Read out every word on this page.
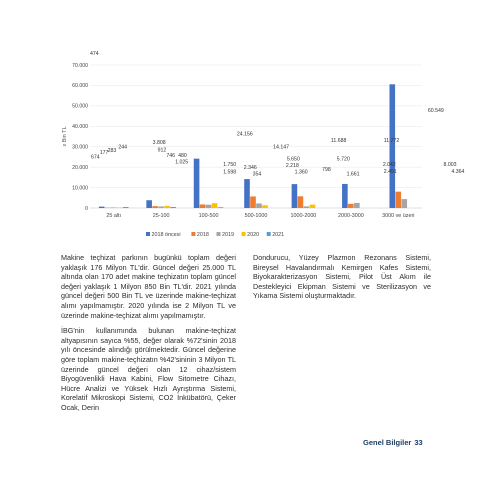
x Bin TL
0
10.000
20.000
30.000
40.000
50.000
60.000
70.000
25 altı	25-100	100-500	500-1000	1000-2000	2000-3000	3000 ve üzeri
674
3.808
24.156
14.147
11.688	11.772
60.549
177	912
1.750
5.650	5.720
2.042	8.003
283
746
1.598
2.218
798	2.491	4.364
244
1.025
2.346
1.360	1.661
474
480
354
2018 öncesi	2018 2019 2020 2021

Makine teçhizat parkının bugünkü toplam değeri yaklaşık 176 Milyon TL'dir. Güncel değeri 25.000 TL altında olan 170 adet makine teçhizatın toplam güncel değeri yaklaşık 1 Milyon 850 Bin TL'dir. 2021 yılında güncel değeri 500 Bin TL ve üzerinde makine-teçhizat alımı yapılmamıştır. 2020 yılında ise 2 Milyon TL ve üzerinde makine-teçhizat alımı yapılmamıştır.

İBG'nin kullanımında bulunan makine-teçhizat altyapısının sayıca %55, değer olarak %72'sinin 2018 yılı öncesinde alındığı görülmektedir. Güncel değerine göre toplam makine-teçhizatın %42'sininin 3 Milyon TL üzerinde güncel değeri olan 12 cihaz/sistem Biyogüvenlikli Hava Kabini, Flow Sitometre Cihazı, Hücre Analizi ve Yüksek Hızlı Ayrıştırma Sistemi, Korelatif Mikroskopi Sistemi, CO2 İnkübatörü, Çeker Ocak, Derin

Dondurucu, Yüzey Plazmon Rezonans Sistemi, Bireysel Havalandırmalı Kemirgen Kafes Sistemi, Biyokarakterizasyon Sistemi, Pilot Üst Akım ile Destekleyici Ekipman Sistemi ve Sterilizasyon ve Yıkama Sistemi oluşturmaktadır.

Genel Bilgiler 33
